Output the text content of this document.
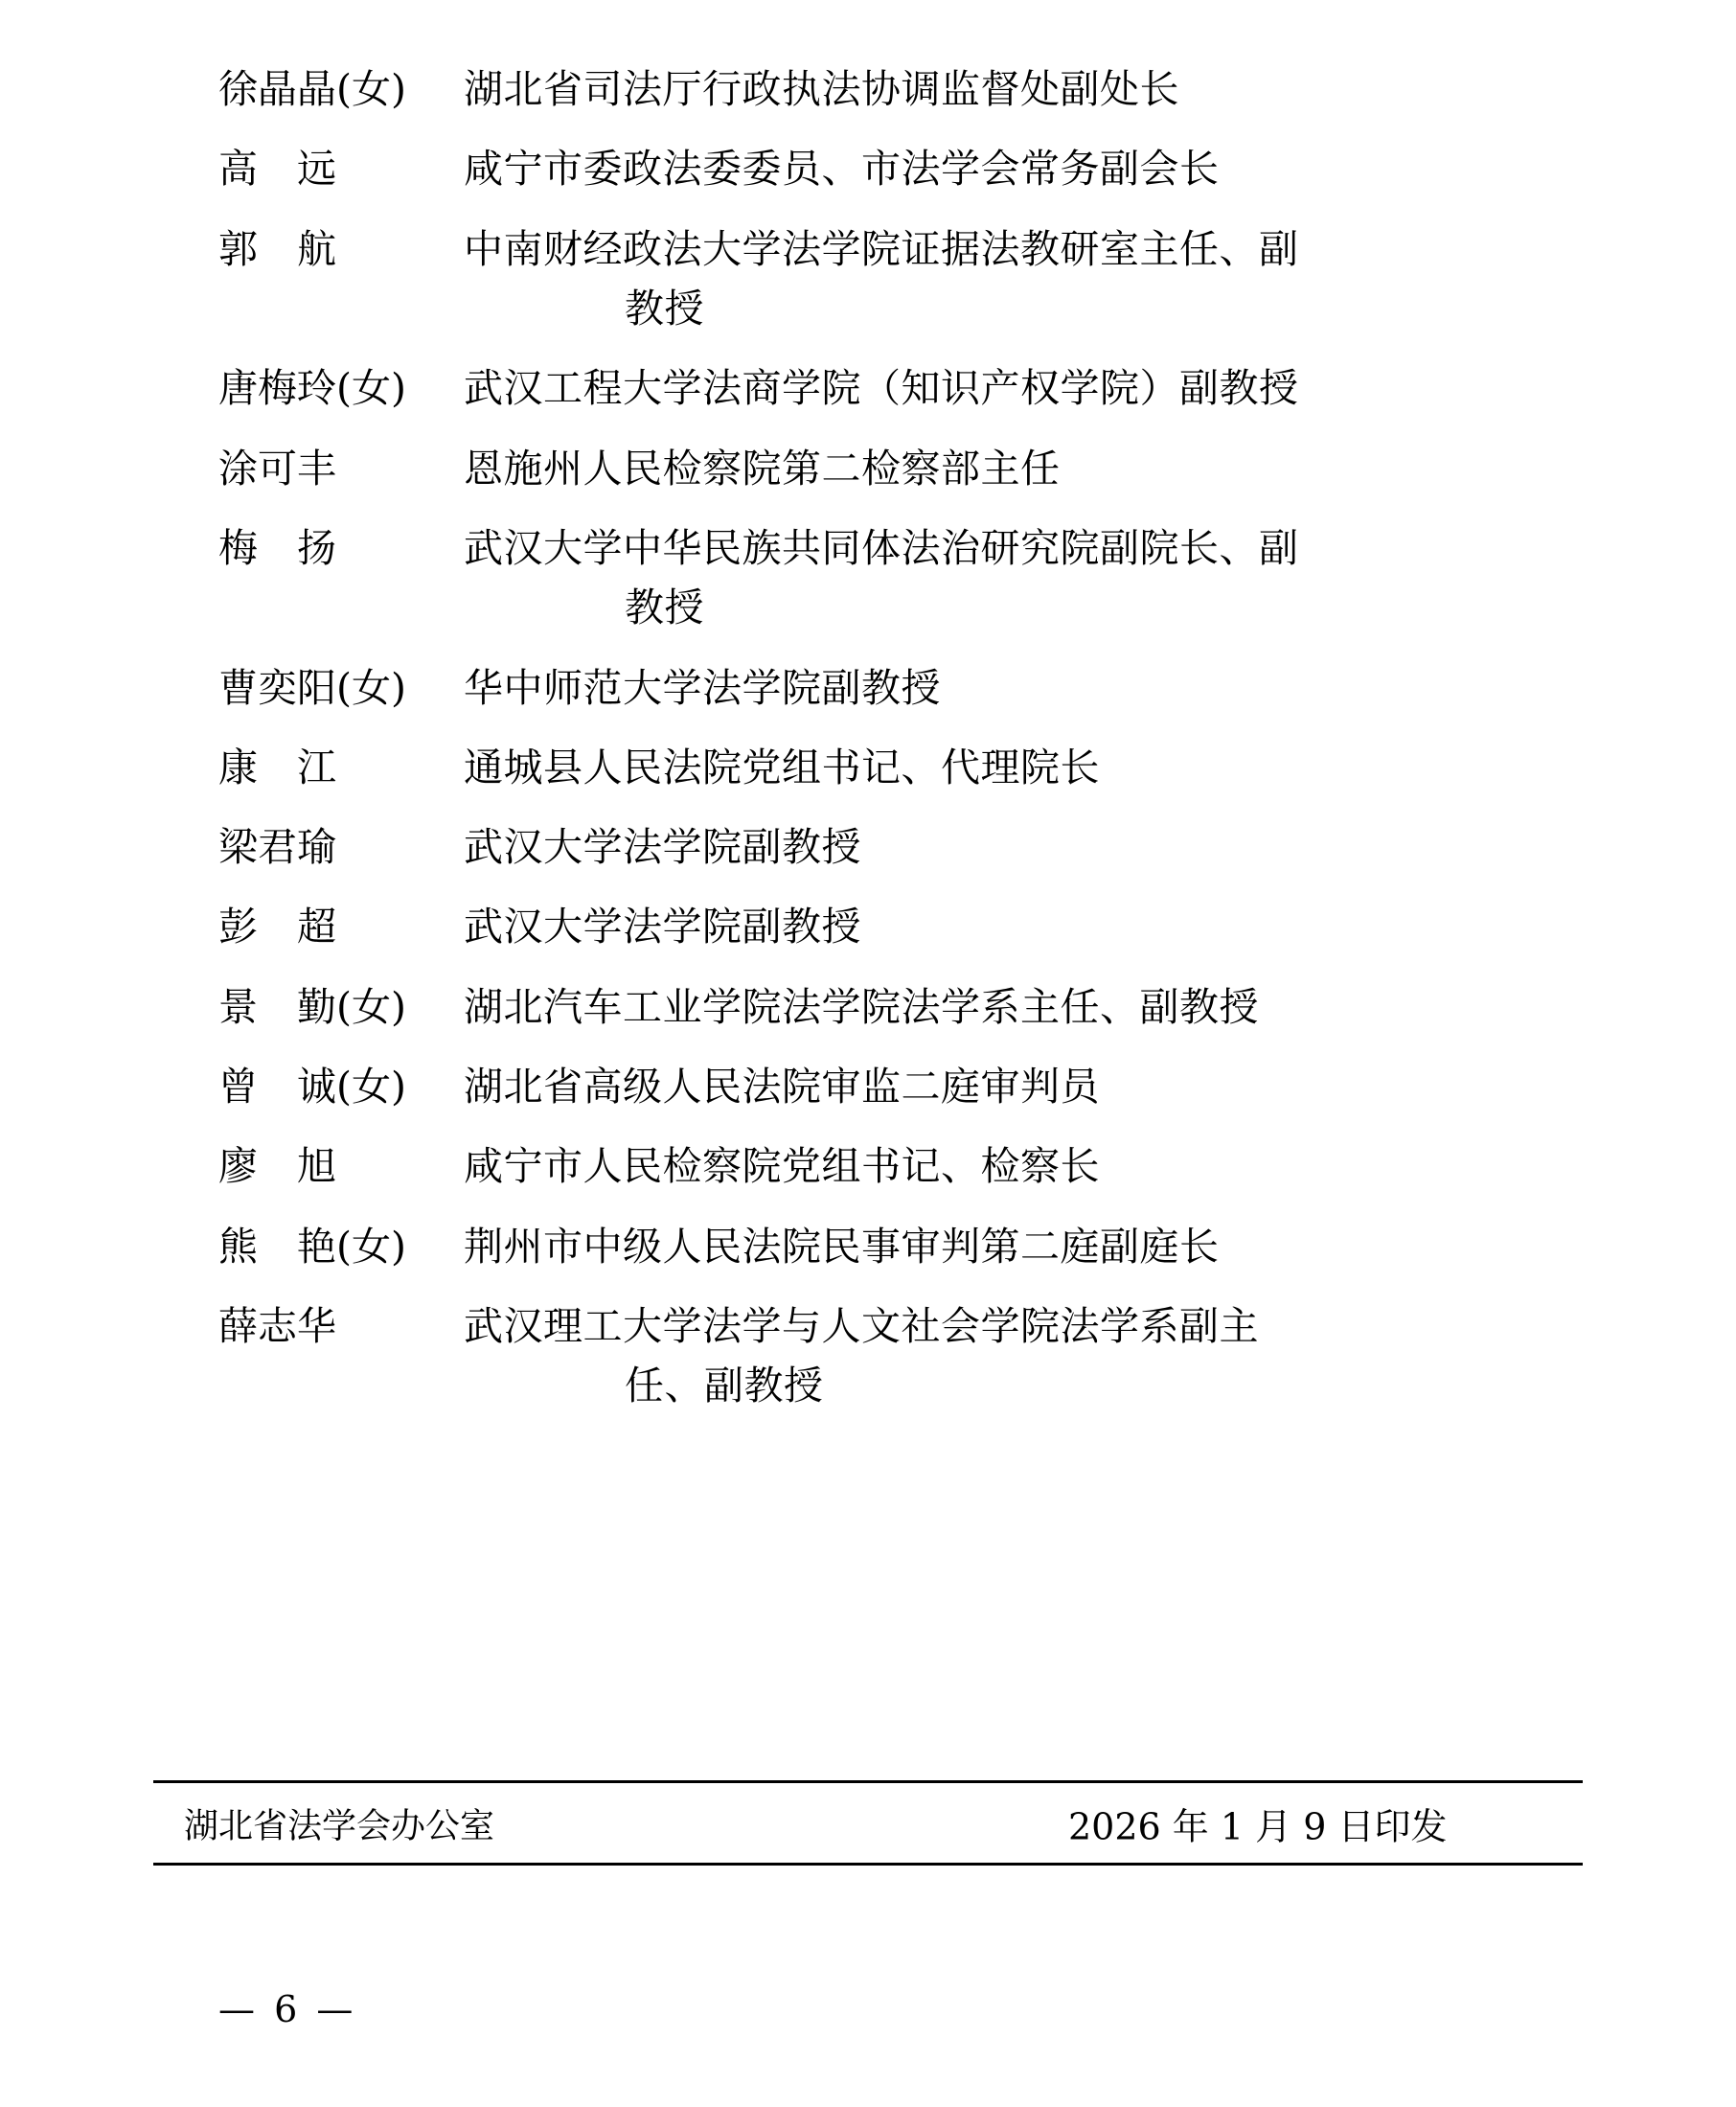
徐晶晶(女)	湖北省司法厅行政执法协调监督处副处长
高　远	咸宁市委政法委委员、市法学会常务副会长
郭　航	中南财经政法大学法学院证据法教研室主任、副
教授
唐梅玲(女)	武汉工程大学法商学院（知识产权学院）副教授
涂可丰	恩施州人民检察院第二检察部主任
梅　扬	武汉大学中华民族共同体法治研究院副院长、副
教授
曹奕阳(女)	华中师范大学法学院副教授
康　江	通城县人民法院党组书记、代理院长
梁君瑜	武汉大学法学院副教授
彭　超	武汉大学法学院副教授
景　勤(女)	湖北汽车工业学院法学院法学系主任、副教授
曾　诚(女)	湖北省高级人民法院审监二庭审判员
廖　旭	咸宁市人民检察院党组书记、检察长
熊　艳(女)	荆州市中级人民法院民事审判第二庭副庭长
薛志华	武汉理工大学法学与人文社会学院法学系副主
任、副教授
湖北省法学会办公室	2026 年 1 月 9 日印发
— 6 —
